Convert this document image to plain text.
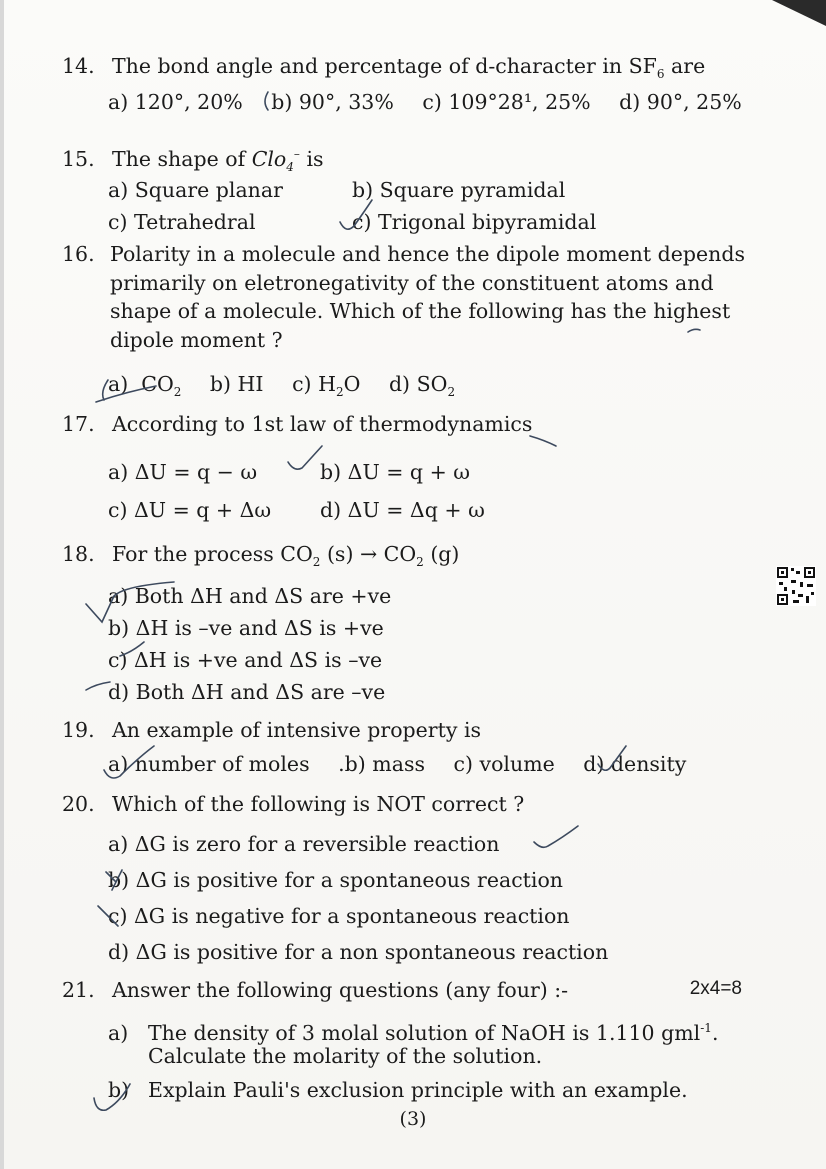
14. The bond angle and percentage of d-character in $SF_6$ are
a) 120°, 20% b) 90°, 33% c) 109°28¹, 25% d) 90°, 25%
15. The shape of Clo$_4$– is
a) Square planar	b) Square pyramidal
c) Tetrahedral	c) Trigonal bipyramidal
16. Polarity in a molecule and hence the dipole moment depends primarily on eletronegativity of the constituent atoms and shape of a molecule. Which of the following has the highest dipole moment ?
a)  $CO_2$ b) HI c) $H_2O$ d) $SO_2$
17. According to 1st law of thermodynamics
a) ΔU = q − ω	b) ΔU = q + ω
c) ΔU = q + Δω d) ΔU = Δq + ω
18. For the process $CO_2$ $(s) \to CO_2$ (g)
a) Both ΔH and ΔS are +ve
b) ΔH is –ve and ΔS is +ve
c) ΔH is +ve and ΔS is –ve
d) Both ΔH and ΔS are –ve
19. An example of intensive property is
a) number of moles .b) mass c) volume d) density
20. Which of the following is NOT correct ?
a) ΔG is zero for a reversible reaction
b) ΔG is positive for a spontaneous reaction
c) ΔG is negative for a spontaneous reaction
d) ΔG is positive for a non spontaneous reaction
21. Answer the following questions (any four) :-	2x4=8
a) The density of 3 molal solution of NaOH is 1.110 gml$^{-1}$.
Calculate the molarity of the solution.
b) Explain Pauli's exclusion principle with an example.
(3)
